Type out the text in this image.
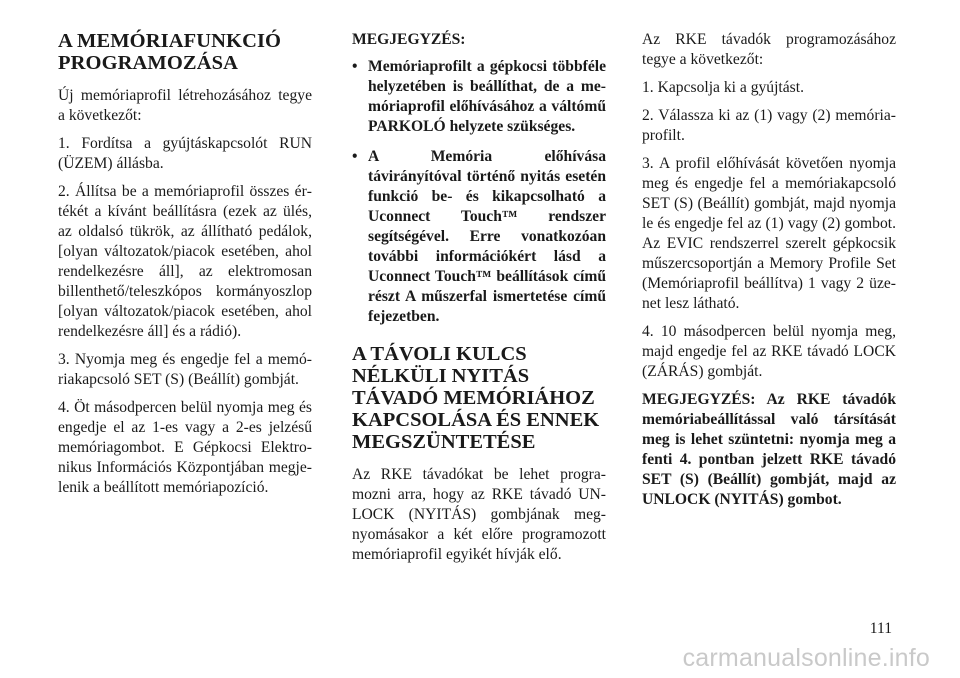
A MEMÓRIAFUNKCIÓ PROGRAMOZÁSA

Új memóriaprofil létrehozásához tegye a következőt:

1. Fordítsa a gyújtáskapcsolót RUN (ÜZEM) állásba.

2. Állítsa be a memóriaprofil összes értékét a kívánt beállításra (ezek az ülés, az oldalsó tükrök, az állítható pedálok, [olyan változatok/piacok esetében, ahol rendelkezésre áll], az elektromosan billenthető/teleszkópos kormányoszlop [olyan változatok/piacok esetében, ahol rendelkezésre áll] és a rádió).

3. Nyomja meg és engedje fel a memóriakapcsoló SET (S) (Beállít) gombját.

4. Öt másodpercen belül nyomja meg és engedje el az 1-es vagy a 2-es jelzésű memóriagombot. E Gépkocsi Elektronikus Információs Központjában megjelenik a beállított memóriapozíció.

MEGJEGYZÉS:
• Memóriaprofilt a gépkocsi többféle helyzetében is beállíthat, de a memóriaprofil előhívásához a váltómű PARKOLÓ helyzete szükséges.
• A Memória előhívása távirányítóval történő nyitás esetén funkció be- és kikapcsolható a Uconnect Touch™ rendszer segítségével. Erre vonatkozóan további információkért lásd a Uconnect Touch™ beállítások című részt A műszerfal ismertetése című fejezetben.
A TÁVOLI KULCS NÉLKÜLI NYITÁS TÁVADÓ MEMÓRIÁHOZ KAPCSOLÁSA ÉS ENNEK MEGSZÜNTETÉSE

Az RKE távadókat be lehet programozni arra, hogy az RKE távadó UNLOCK (NYITÁS) gombjának megnyomásakor a két előre programozott memóriaprofil egyikét hívják elő.

Az RKE távadók programozásához tegye a következőt:

1. Kapcsolja ki a gyújtást.

2. Válassza ki az (1) vagy (2) memóriaprofilt.

3. A profil előhívását követően nyomja meg és engedje fel a memóriakapcsoló SET (S) (Beállít) gombját, majd nyomja le és engedje fel az (1) vagy (2) gombot. Az EVIC rendszerrel szerelt gépkocsik műszercsoportján a Memory Profile Set (Memóriaprofil beállítva) 1 vagy 2 üzenet lesz látható.

4. 10 másodpercen belül nyomja meg, majd engedje fel az RKE távadó LOCK (ZÁRÁS) gombját.

MEGJEGYZÉS: Az RKE távadók memóriabeállítással való társítását meg is lehet szüntetni: nyomja meg a fenti 4. pontban jelzett RKE távadó SET (S) (Beállít) gombját, majd az UNLOCK (NYITÁS) gombot.

111
carmanualsonline.info
